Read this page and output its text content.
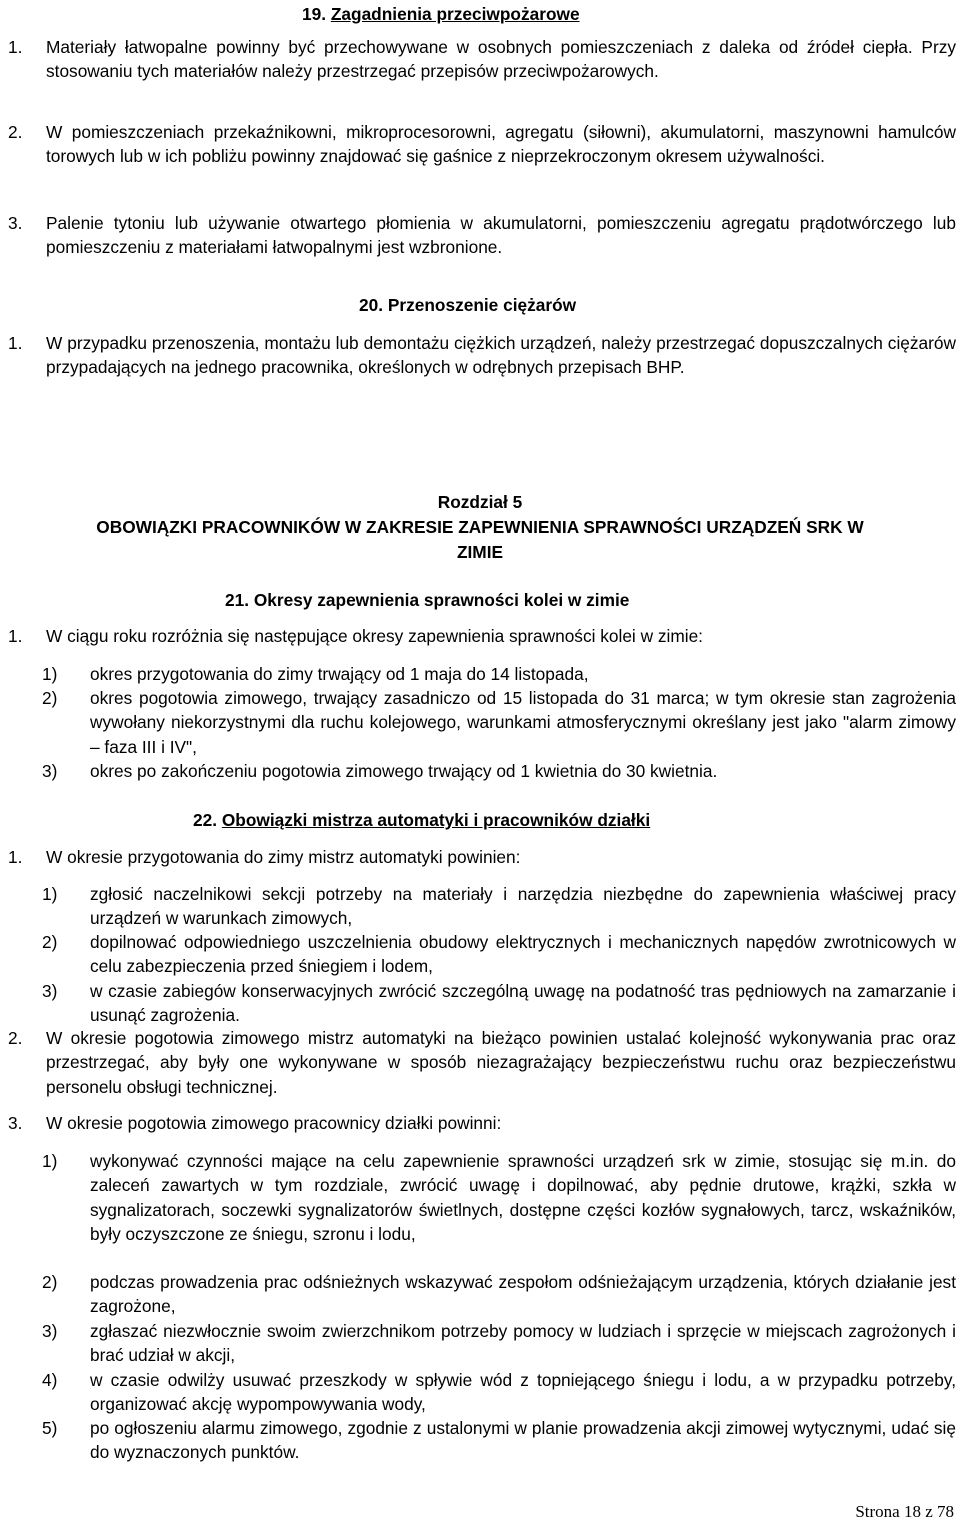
19. Zagadnienia przeciwpożarowe
1. Materiały łatwopalne powinny być przechowywane w osobnych pomieszczeniach z daleka od źródeł ciepła. Przy stosowaniu tych materiałów należy przestrzegać przepisów przeciwpożarowych.
2. W pomieszczeniach przekaźnikowni, mikroprocesorowni, agregatu (siłowni), akumulatorni, maszynowni hamulców torowych lub w ich pobliżu powinny znajdować się gaśnice z nieprzekroczonym okresem używalności.
3. Palenie tytoniu lub używanie otwartego płomienia w akumulatorni, pomieszczeniu agregatu prądotwórczego lub pomieszczeniu z materiałami łatwopalnymi jest wzbronione.
20. Przenoszenie ciężarów
1. W przypadku przenoszenia, montażu lub demontażu ciężkich urządzeń, należy przestrzegać dopuszczalnych ciężarów przypadających na jednego pracownika, określonych w odrębnych przepisach BHP.
Rozdział 5
OBOWIĄZKI PRACOWNIKÓW W ZAKRESIE ZAPEWNIENIA SPRAWNOŚCI URZĄDZEŃ SRK W
ZIMIE
21. Okresy zapewnienia sprawności kolei w zimie
1. W ciągu roku rozróżnia się następujące okresy zapewnienia sprawności kolei w zimie:
1) okres przygotowania do zimy trwający od 1 maja do 14 listopada,
2) okres pogotowia zimowego, trwający zasadniczo od 15 listopada do 31 marca; w tym okresie stan zagrożenia wywołany niekorzystnymi dla ruchu kolejowego, warunkami atmosferycznymi określany jest jako "alarm zimowy – faza III i IV",
3) okres po zakończeniu pogotowia zimowego trwający od 1 kwietnia do 30 kwietnia.
22. Obowiązki mistrza automatyki i pracowników działki
1. W okresie przygotowania do zimy mistrz automatyki powinien:
1) zgłosić naczelnikowi sekcji potrzeby na materiały i narzędzia niezbędne do zapewnienia właściwej pracy urządzeń w warunkach zimowych,
2) dopilnować odpowiedniego uszczelnienia obudowy elektrycznych i mechanicznych napędów zwrotnicowych w celu zabezpieczenia przed śniegiem i lodem,
3) w czasie zabiegów konserwacyjnych zwrócić szczególną uwagę na podatność tras pędniowych na zamarzanie i usunąć zagrożenia.
2. W okresie pogotowia zimowego mistrz automatyki na bieżąco powinien ustalać kolejność wykonywania prac oraz przestrzegać, aby były one wykonywane w sposób niezagrażający bezpieczeństwu ruchu oraz bezpieczeństwu personelu obsługi technicznej.
3. W okresie pogotowia zimowego pracownicy działki powinni:
1) wykonywać czynności mające na celu zapewnienie sprawności urządzeń srk w zimie, stosując się m.in. do zaleceń zawartych w tym rozdziale, zwrócić uwagę i dopilnować, aby pędnie drutowe, krążki, szkła w sygnalizatorach, soczewki sygnalizatorów świetlnych, dostępne części kozłów sygnałowych, tarcz, wskaźników, były oczyszczone ze śniegu, szronu i lodu,
2) podczas prowadzenia prac odśnieżnych wskazywać zespołom odśnieżającym urządzenia, których działanie jest zagrożone,
3) zgłaszać niezwłocznie swoim zwierzchnikom potrzeby pomocy w ludziach i sprzęcie w miejscach zagrożonych i brać udział w akcji,
4) w czasie odwilży usuwać przeszkody w spływie wód z topniejącego śniegu i lodu, a w przypadku potrzeby, organizować akcję wypompowywania wody,
5) po ogłoszeniu alarmu zimowego, zgodnie z ustalonymi w planie prowadzenia akcji zimowej wytycznymi, udać się do wyznaczonych punktów.
Strona 18 z 78
